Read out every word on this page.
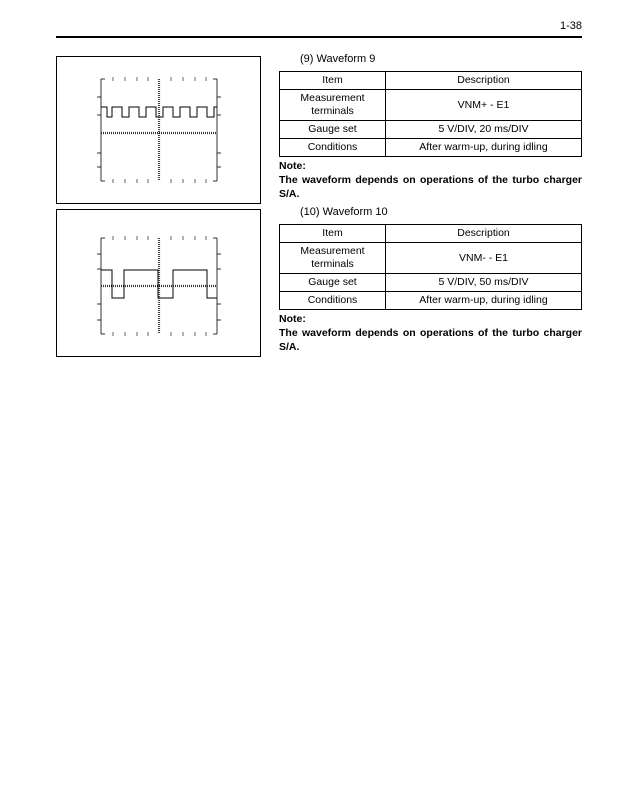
1-38
(9) Waveform 9
Item	Description
Measurement terminals	VNM+ - E1
Gauge set	5 V/DIV, 20 ms/DIV
Conditions	After warm-up, during idling
Note:
The waveform depends on operations of the turbo charger S/A.
(10) Waveform 10
Item	Description
Measurement terminals	VNM- - E1
Gauge set	5 V/DIV, 50 ms/DIV
Conditions	After warm-up, during idling
Note:
The waveform depends on operations of the turbo charger S/A.
